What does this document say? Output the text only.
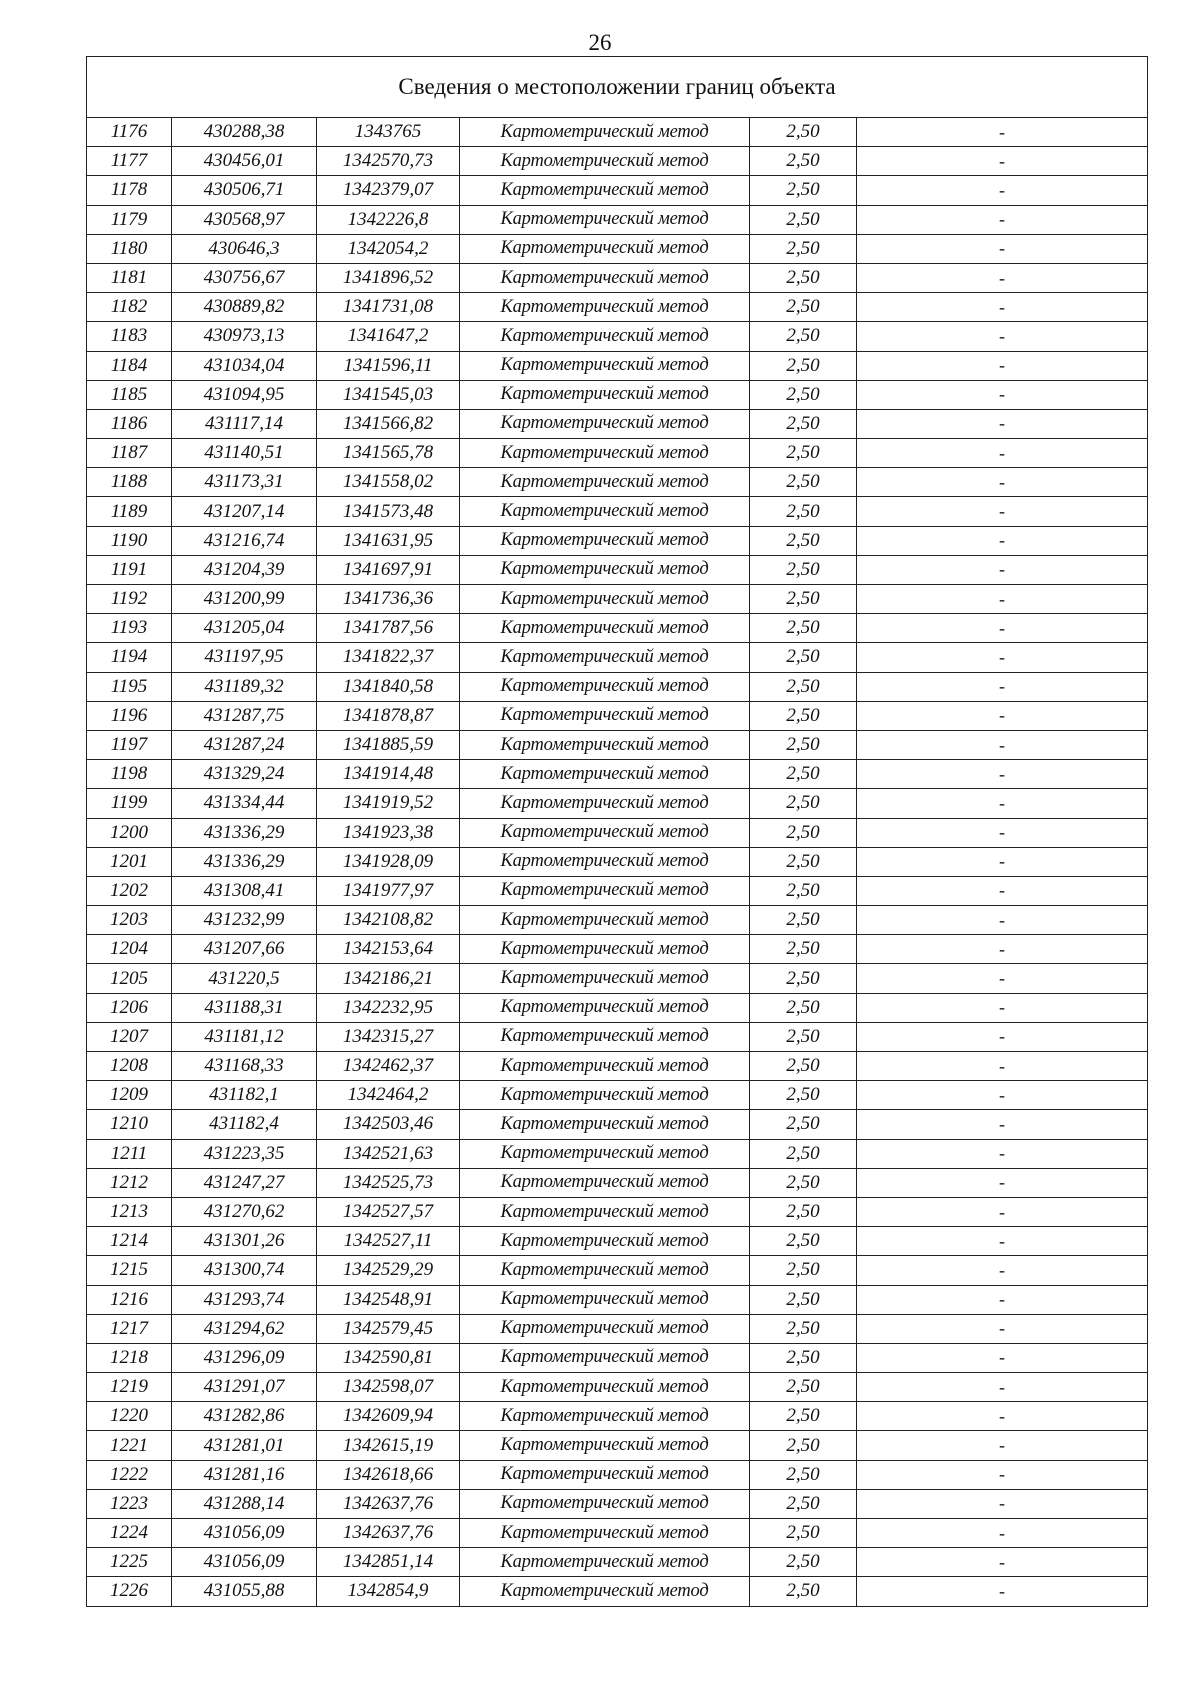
26
Сведения о местоположении границ объекта					
1176	430288,38	1343765	Картометрический метод	2,50	-
1177	430456,01	1342570,73	Картометрический метод	2,50	-
1178	430506,71	1342379,07	Картометрический метод	2,50	-
1179	430568,97	1342226,8	Картометрический метод	2,50	-
1180	430646,3	1342054,2	Картометрический метод	2,50	-
1181	430756,67	1341896,52	Картометрический метод	2,50	-
1182	430889,82	1341731,08	Картометрический метод	2,50	-
1183	430973,13	1341647,2	Картометрический метод	2,50	-
1184	431034,04	1341596,11	Картометрический метод	2,50	-
1185	431094,95	1341545,03	Картометрический метод	2,50	-
1186	431117,14	1341566,82	Картометрический метод	2,50	-
1187	431140,51	1341565,78	Картометрический метод	2,50	-
1188	431173,31	1341558,02	Картометрический метод	2,50	-
1189	431207,14	1341573,48	Картометрический метод	2,50	-
1190	431216,74	1341631,95	Картометрический метод	2,50	-
1191	431204,39	1341697,91	Картометрический метод	2,50	-
1192	431200,99	1341736,36	Картометрический метод	2,50	-
1193	431205,04	1341787,56	Картометрический метод	2,50	-
1194	431197,95	1341822,37	Картометрический метод	2,50	-
1195	431189,32	1341840,58	Картометрический метод	2,50	-
1196	431287,75	1341878,87	Картометрический метод	2,50	-
1197	431287,24	1341885,59	Картометрический метод	2,50	-
1198	431329,24	1341914,48	Картометрический метод	2,50	-
1199	431334,44	1341919,52	Картометрический метод	2,50	-
1200	431336,29	1341923,38	Картометрический метод	2,50	-
1201	431336,29	1341928,09	Картометрический метод	2,50	-
1202	431308,41	1341977,97	Картометрический метод	2,50	-
1203	431232,99	1342108,82	Картометрический метод	2,50	-
1204	431207,66	1342153,64	Картометрический метод	2,50	-
1205	431220,5	1342186,21	Картометрический метод	2,50	-
1206	431188,31	1342232,95	Картометрический метод	2,50	-
1207	431181,12	1342315,27	Картометрический метод	2,50	-
1208	431168,33	1342462,37	Картометрический метод	2,50	-
1209	431182,1	1342464,2	Картометрический метод	2,50	-
1210	431182,4	1342503,46	Картометрический метод	2,50	-
1211	431223,35	1342521,63	Картометрический метод	2,50	-
1212	431247,27	1342525,73	Картометрический метод	2,50	-
1213	431270,62	1342527,57	Картометрический метод	2,50	-
1214	431301,26	1342527,11	Картометрический метод	2,50	-
1215	431300,74	1342529,29	Картометрический метод	2,50	-
1216	431293,74	1342548,91	Картометрический метод	2,50	-
1217	431294,62	1342579,45	Картометрический метод	2,50	-
1218	431296,09	1342590,81	Картометрический метод	2,50	-
1219	431291,07	1342598,07	Картометрический метод	2,50	-
1220	431282,86	1342609,94	Картометрический метод	2,50	-
1221	431281,01	1342615,19	Картометрический метод	2,50	-
1222	431281,16	1342618,66	Картометрический метод	2,50	-
1223	431288,14	1342637,76	Картометрический метод	2,50	-
1224	431056,09	1342637,76	Картометрический метод	2,50	-
1225	431056,09	1342851,14	Картометрический метод	2,50	-
1226	431055,88	1342854,9	Картометрический метод	2,50	-
